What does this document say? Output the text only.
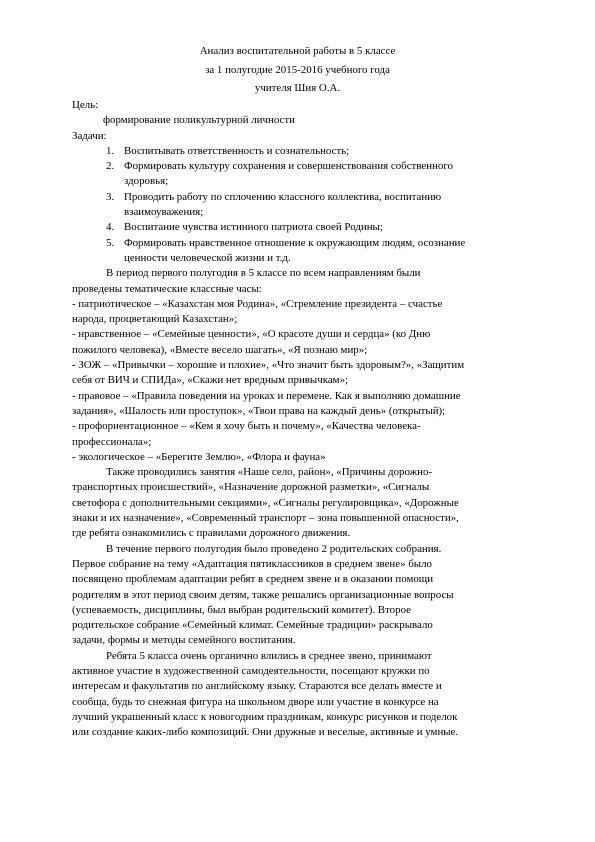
Анализ воспитательной работы в 5 классе
за 1 полугодие 2015-2016 учебного года
учителя Шия О.А.
Цель:
формирование поликультурной личности
Задачи:
1. Воспитывать ответственность и сознательность;
2. Формировать культуру сохранения и совершенствования собственного
здоровья;
3. Проводить работу по сплочению классного коллектива, воспитанию
взаимоуважения;
4. Воспитание чувства истинного патриота своей Родины;
5. Формировать нравственное отношение к окружающим людям, осознание
ценности человеческой жизни и т.д.
В период первого полугодия в 5 классе по всем направлениям были
проведены тематические классные часы:
- патриотическое – «Казахстан моя Родина», «Стремление президента – счастье
народа, процветающий Казахстан»;
- нравственное – «Семейные ценности», «О красоте души и сердца» (ко Дню
пожилого человека), «Вместе весело шагать», «Я познаю мир»;
- ЗОЖ – «Привычки – хорошие и плохие», «Что значит быть здоровым?», «Защитим
себя от ВИЧ и СПИДа», «Скажи нет вредным привычкам»;
- правовое – «Правила поведения на уроках и перемене. Как я выполняю домашние
задания», «Шалость или проступок», «Твои права на каждый день» (открытый);
- профориентационное – «Кем я хочу быть и почему», «Качества человека-
профессионала»;
- экологическое – «Берегите Землю», «Флора и фауна»
Также проводились занятия «Наше село, район», «Причины дорожно-
транспортных происшествий», «Назначение дорожной разметки», «Сигналы
светофора с дополнительными секциями», «Сигналы регулировщика», «Дорожные
знаки и их назначение», «Современный транспорт – зона повышенной опасности»,
где ребята ознакомились с правилами дорожного движения.
В течение первого полугодия было проведено 2 родительских собрания.
Первое собрание на тему «Адаптация пятиклассников в среднем звене» было
посвящено проблемам адаптации ребят в среднем звене и в оказании помощи
родителям в этот период своим детям, также решались организационные вопросы
(успеваемость, дисциплины, был выбран родительский комитет). Второе
родительское собрание «Семейный климат. Семейные традиции» раскрывало
задачи, формы и методы семейного воспитания.
Ребята 5 класса очень органично влились в среднее звено, принимают
активное участие в художественной самодеятельности, посещают кружки по
интересам и факультатив по английскому языку. Стараются все делать вместе и
сообща, будь то снежная фигура на школьном дворе или участие в конкурсе на
лучший украшенный класс к новогодним праздникам, конкурс рисунков и поделок
или создание каких-либо композиций. Они дружные и веселые, активные и умные.
